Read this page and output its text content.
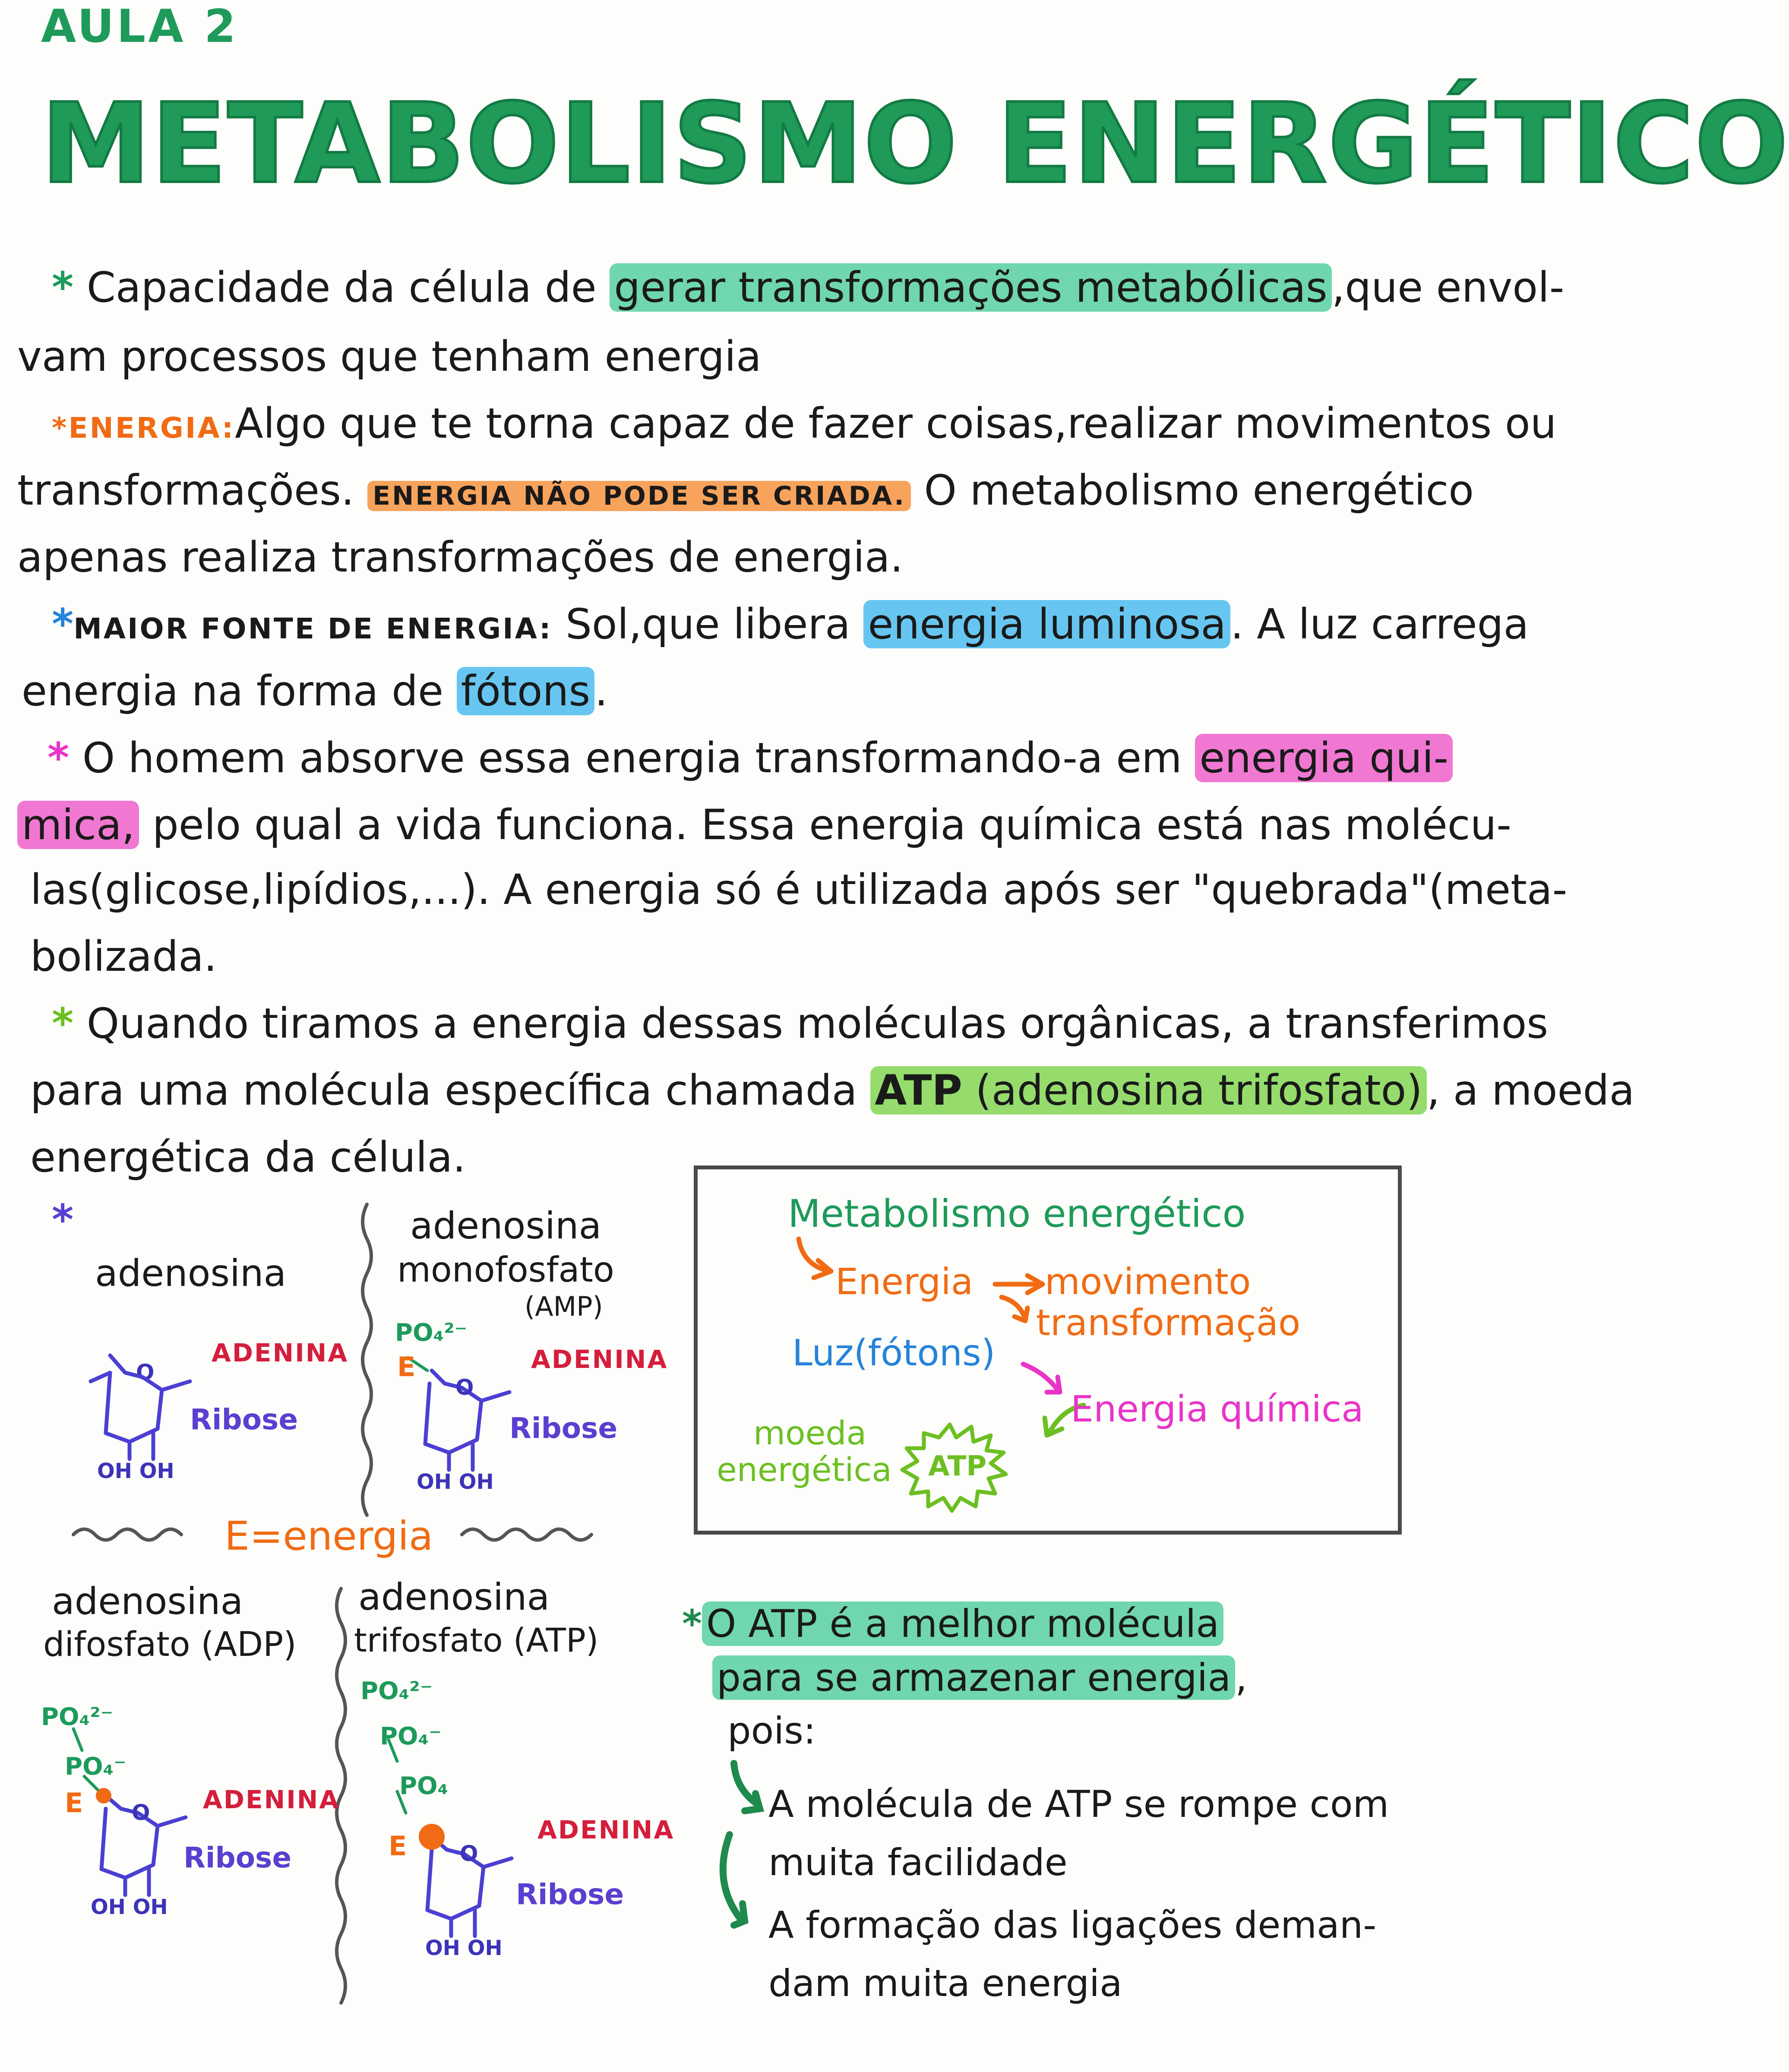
AULA 2
METABOLISMO ENERGÉTICO
* Capacidade da célula de gerar transformações metabólicas ,que envol-
vam processos que tenham energia
*ENERGIA:Algo que te torna capaz de fazer coisas,realizar movimentos ou
transformações. ENERGIA NÃO PODE SER CRIADA. O metabolismo energético
apenas realiza transformações de energia.
*MAIOR FONTE DE ENERGIA: Sol,que libera energia luminosa . A luz carrega
energia na forma de fótons .
* O homem absorve essa energia transformando-a em energia qui-
mica, pelo qual a vida funciona. Essa energia química está nas molécu-
las(glicose,lipídios,...). A energia só é utilizada após ser "quebrada"(meta-
bolizada.
* Quando tiramos a energia dessas moléculas orgânicas, a transferimos
para uma molécula específica chamada ATP (adenosina trifosfato) , a moeda
energética da célula.
*
adenosina
ADENINA
O
Ribose
OH OH
adenosina
monofosfato
(AMP)
PO₄²⁻
E	ADENINA
O
Ribose
OH OH
E=energia
adenosina
difosfato (ADP)
PO₄²⁻
PO₄⁻
E	ADENINA
O
Ribose
OH OH
adenosina
trifosfato (ATP)
PO₄²⁻
PO₄⁻
PO₄
E
ADENINA
O
Ribose
OH OH
Metabolismo energético
Energia movimento
transformação
Luz(fótons)
Energia química
moeda
energética ATP
* O ATP é a melhor molécula
para se armazenar energia ,
pois:
A molécula de ATP se rompe com
muita facilidade
A formação das ligações deman-
dam muita energia
